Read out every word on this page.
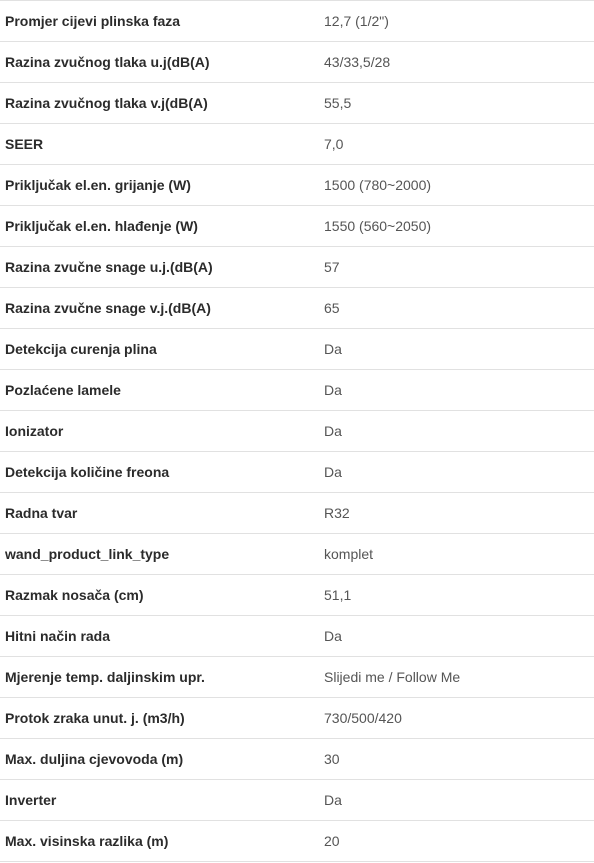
Promjer cijevi plinska faza	12,7 (1/2")
Razina zvučnog tlaka u.j(dB(A)	43/33,5/28
Razina zvučnog tlaka v.j(dB(A)	55,5
SEER	7,0
Priključak el.en. grijanje (W)	1500 (780~2000)
Priključak el.en. hlađenje (W)	1550 (560~2050)
Razina zvučne snage u.j.(dB(A)	57
Razina zvučne snage v.j.(dB(A)	65
Detekcija curenja plina	Da
Pozlaćene lamele	Da
Ionizator	Da
Detekcija količine freona	Da
Radna tvar	R32
wand_product_link_type	komplet
Razmak nosača (cm)	51,1
Hitni način rada	Da
Mjerenje temp. daljinskim upr.	Slijedi me / Follow Me
Protok zraka unut. j. (m3/h)	730/500/420
Max. duljina cjevovoda (m)	30
Inverter	Da
Max. visinska razlika (m)	20
